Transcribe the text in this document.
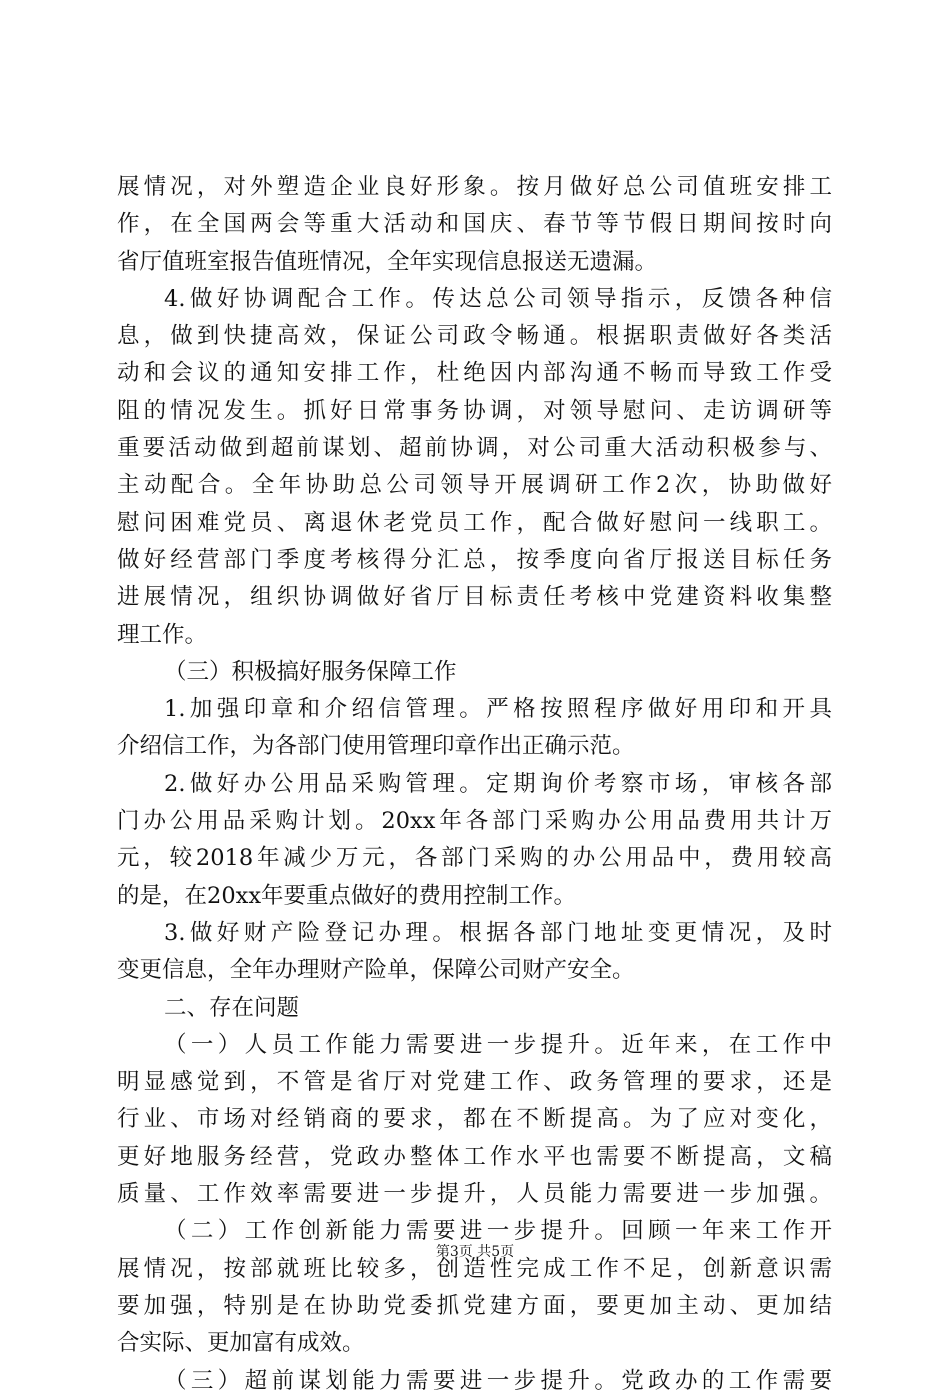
展情况，对外塑造企业良好形象。按月做好总公司值班安排工
作，在全国两会等重大活动和国庆、春节等节假日期间按时向
省厅值班室报告值班情况，全年实现信息报送无遗漏。
4.做好协调配合工作。传达总公司领导指示，反馈各种信
息，做到快捷高效，保证公司政令畅通。根据职责做好各类活
动和会议的通知安排工作，杜绝因内部沟通不畅而导致工作受
阻的情况发生。抓好日常事务协调，对领导慰问、走访调研等
重要活动做到超前谋划、超前协调，对公司重大活动积极参与、
主动配合。全年协助总公司领导开展调研工作2次，协助做好
慰问困难党员、离退休老党员工作，配合做好慰问一线职工。
做好经营部门季度考核得分汇总，按季度向省厅报送目标任务
进展情况，组织协调做好省厅目标责任考核中党建资料收集整
理工作。
（三）积极搞好服务保障工作
1.加强印章和介绍信管理。严格按照程序做好用印和开具
介绍信工作，为各部门使用管理印章作出正确示范。
2.做好办公用品采购管理。定期询价考察市场，审核各部
门办公用品采购计划。20xx年各部门采购办公用品费用共计万
元，较2018年减少万元，各部门采购的办公用品中，费用较高
的是，在20xx年要重点做好的费用控制工作。
3.做好财产险登记办理。根据各部门地址变更情况，及时
变更信息，全年办理财产险单，保障公司财产安全。
二、存在问题
（一）人员工作能力需要进一步提升。近年来，在工作中
明显感觉到，不管是省厅对党建工作、政务管理的要求，还是
行业、市场对经销商的要求，都在不断提高。为了应对变化，
更好地服务经营，党政办整体工作水平也需要不断提高，文稿
质量、工作效率需要进一步提升，人员能力需要进一步加强。
（二）工作创新能力需要进一步提升。回顾一年来工作开
展情况，按部就班比较多，创造性完成工作不足，创新意识需
要加强，特别是在协助党委抓党建方面，要更加主动、更加结
合实际、更加富有成效。
（三）超前谋划能力需要进一步提升。党政办的工作需要
第3页 共5页
